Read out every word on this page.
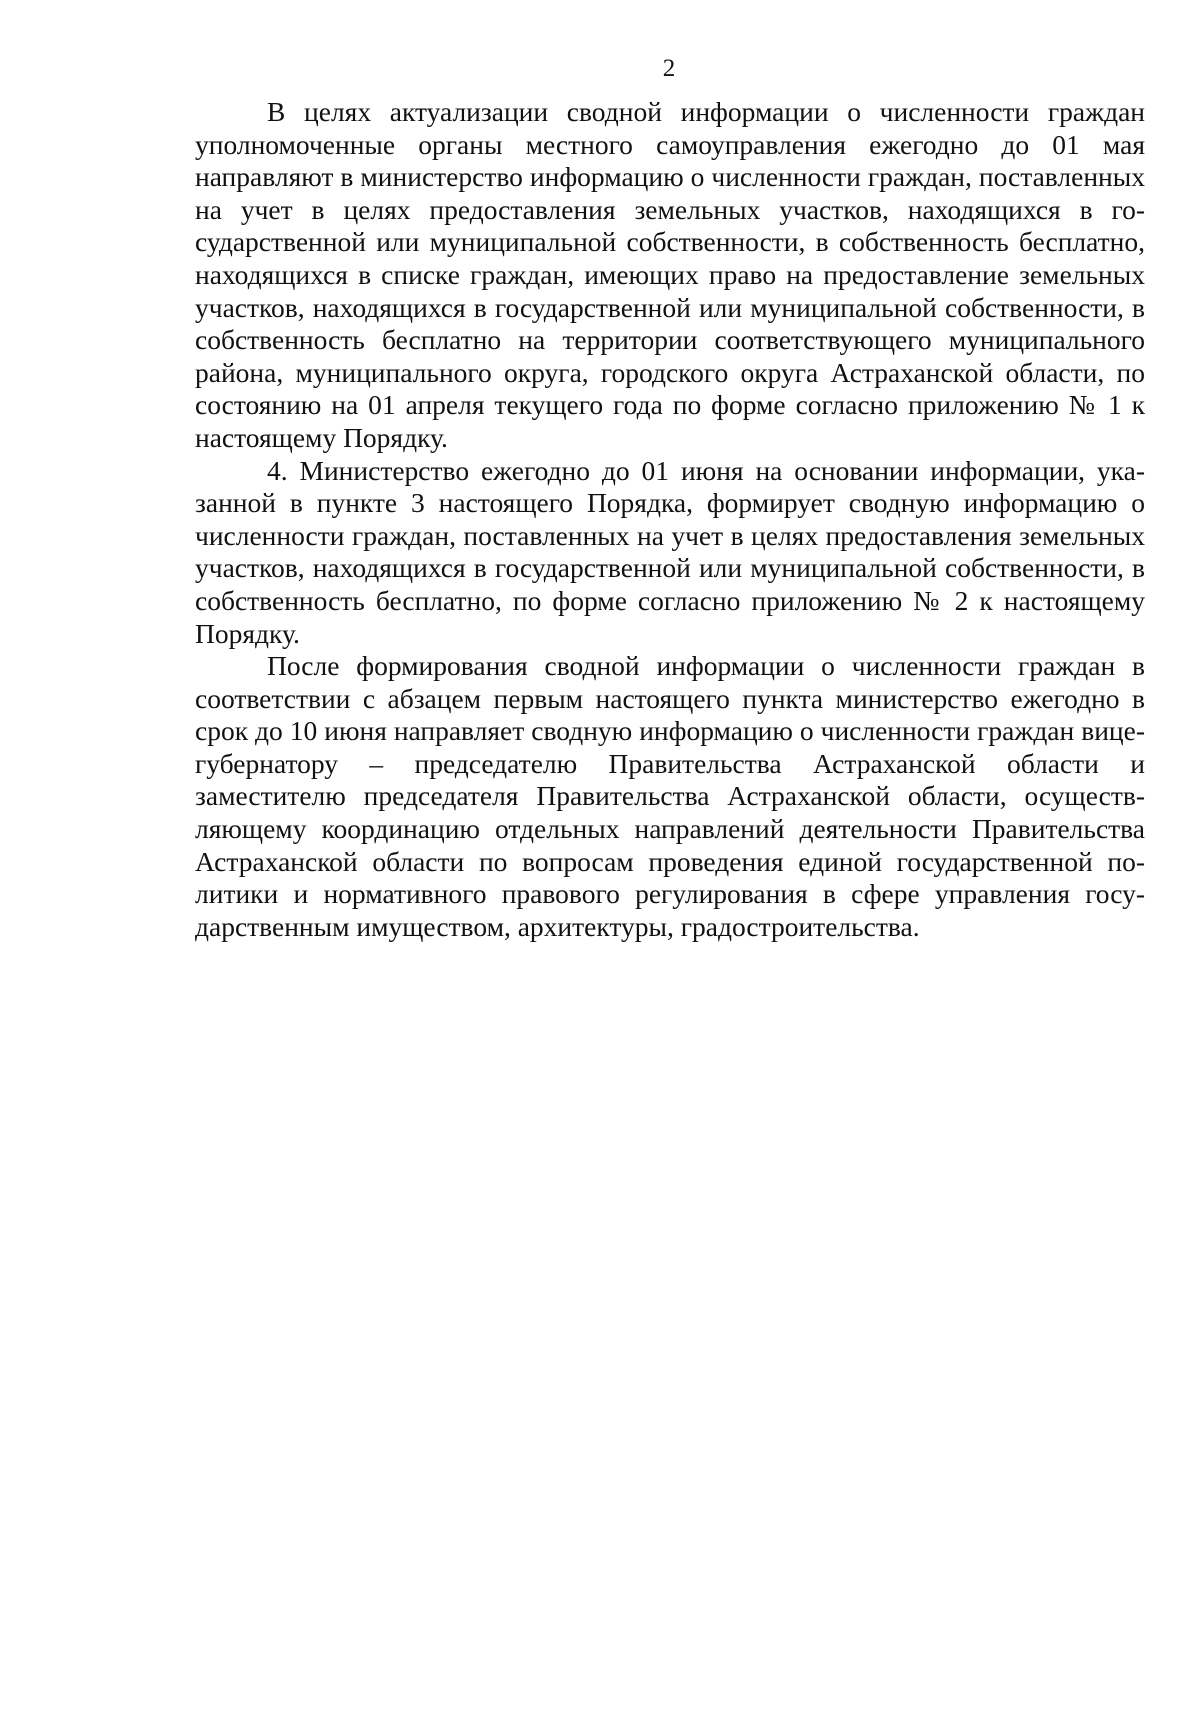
2

В целях актуализации сводной информации о численности граждан уполномоченные органы местного самоуправления ежегодно до 01 мая направляют в министерство информацию о численности граждан, поставленных на учет в целях предоставления земельных участков, находящихся в государственной или муниципальной собственности, в собственность бесплатно, находящихся в списке граждан, имеющих право на предоставление земельных участков, находящихся в государственной или муниципальной собственности, в собственность бесплатно на территории соответствующего муниципального района, муниципального округа, городского округа Астраханской области, по состоянию на 01 апреля текущего года по форме согласно приложению № 1 к настоящему Порядку.

4. Министерство ежегодно до 01 июня на основании информации, указанной в пункте 3 настоящего Порядка, формирует сводную информацию о численности граждан, поставленных на учет в целях предоставления земельных участков, находящихся в государственной или муниципальной собственности, в собственность бесплатно, по форме согласно приложению № 2 к настоящему Порядку.

После формирования сводной информации о численности граждан в соответствии с абзацем первым настоящего пункта министерство ежегодно в срок до 10 июня направляет сводную информацию о численности граждан вице-губернатору – председателю Правительства Астраханской области и заместителю председателя Правительства Астраханской области, осуществляющему координацию отдельных направлений деятельности Правительства Астраханской области по вопросам проведения единой государственной политики и нормативного правового регулирования в сфере управления государственным имуществом, архитектуры, градостроительства.
